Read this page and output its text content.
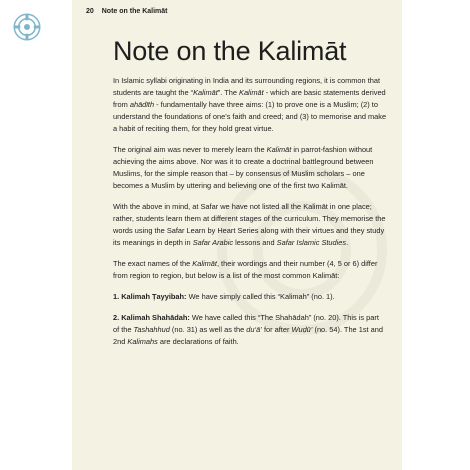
20 Note on the Kalimāt
Note on the Kalimāt

In Islamic syllabi originating in India and its surrounding regions, it is common that students are taught the “Kalimāt”. The Kalimāt - which are basic statements derived from ahādīth - fundamentally have three aims: (1) to prove one is a Muslim; (2) to understand the foundations of one’s faith and creed; and (3) to memorise and make a habit of reciting them, for they hold great virtue.

The original aim was never to merely learn the Kalimāt in parrot-fashion without achieving the aims above. Nor was it to create a doctrinal battleground between Muslims, for the simple reason that – by consensus of Muslim scholars – one becomes a Muslim by uttering and believing one of the first two Kalimāt.

With the above in mind, at Safar we have not listed all the Kalimāt in one place; rather, students learn them at different stages of the curriculum. They memorise the words using the Safar Learn by Heart Series along with their virtues and they study its meanings in depth in Safar Arabic lessons and Safar Islamic Studies.

The exact names of the Kalimāt, their wordings and their number (4, 5 or 6) differ from region to region, but below is a list of the most common Kalimāt:

1. Kalimah Ṭayyibah: We have simply called this “Kalimah” (no. 1).

2. Kalimah Shahādah: We have called this “The Shahādah” (no. 20). This is part of the Tashahhud (no. 31) as well as the du‘ā’ for after Wuḍū’ (no. 54). The 1st and 2nd Kalimahs are declarations of faith.
